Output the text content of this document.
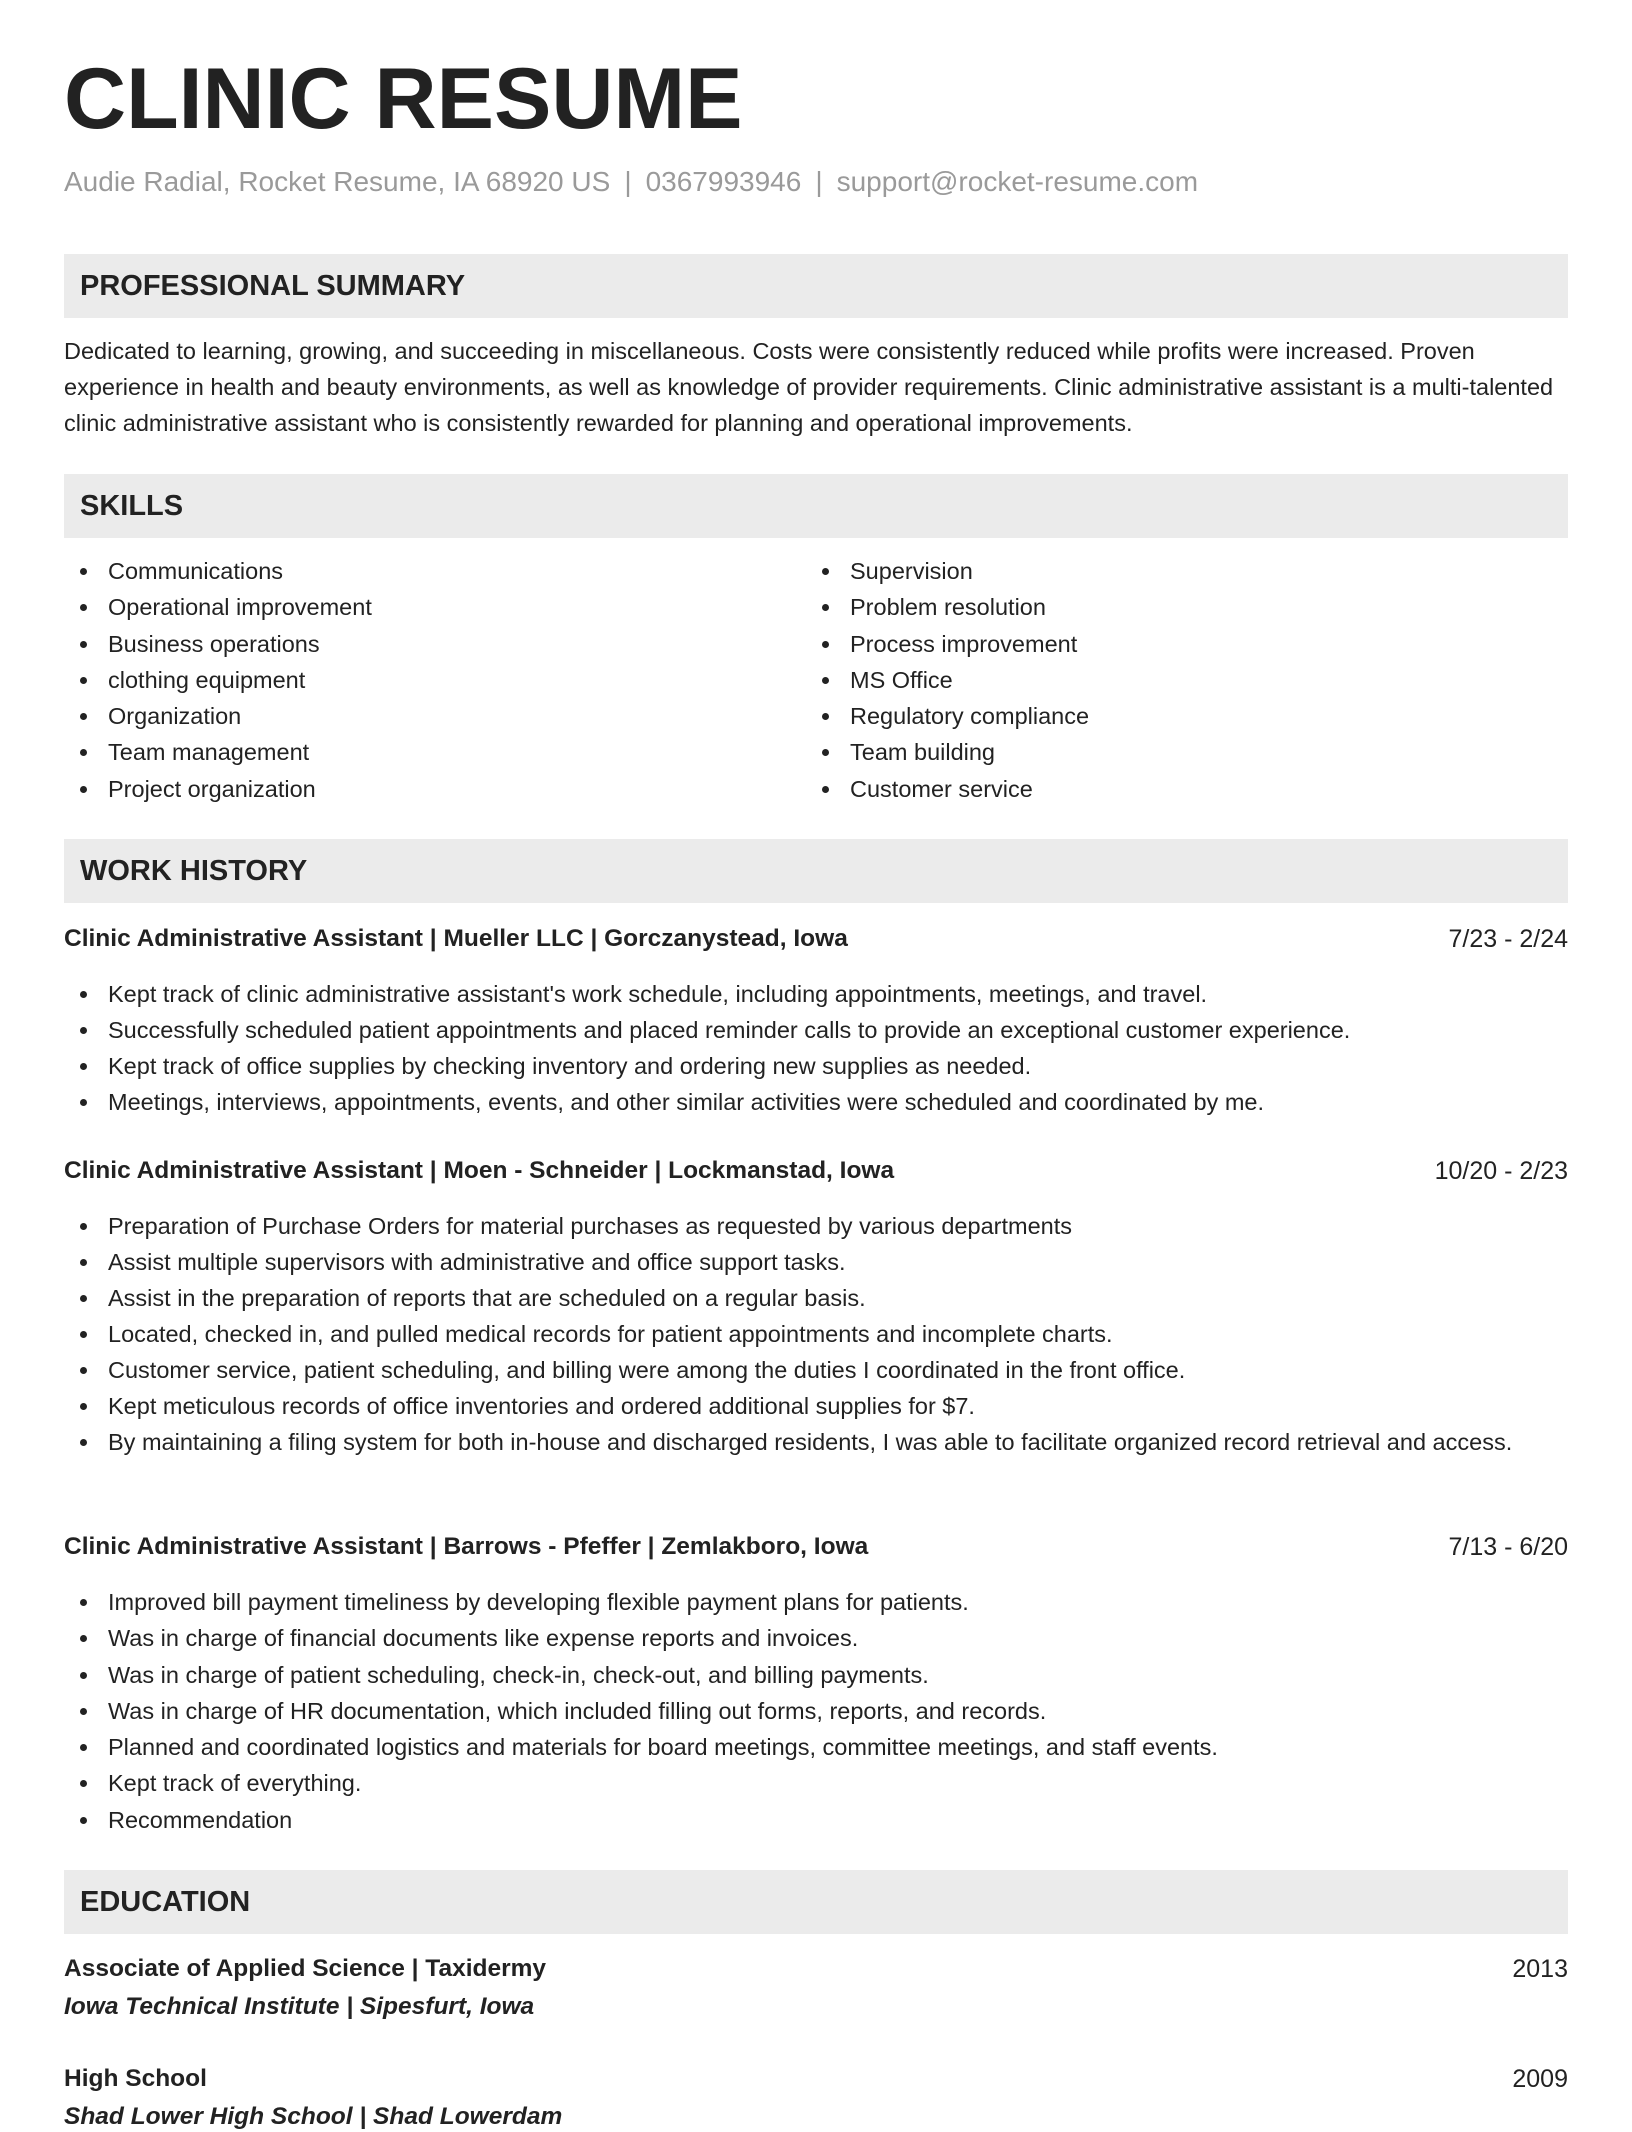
CLINIC RESUME
Audie Radial, Rocket Resume, IA 68920 US | 0367993946 | support@rocket-resume.com
PROFESSIONAL SUMMARY
Dedicated to learning, growing, and succeeding in miscellaneous. Costs were consistently reduced while profits were increased. Proven experience in health and beauty environments, as well as knowledge of provider requirements. Clinic administrative assistant is a multi-talented clinic administrative assistant who is consistently rewarded for planning and operational improvements.
SKILLS
Communications
Operational improvement
Business operations
clothing equipment
Organization
Team management
Project organization
Supervision
Problem resolution
Process improvement
MS Office
Regulatory compliance
Team building
Customer service
WORK HISTORY
Clinic Administrative Assistant | Mueller LLC | Gorczanystead, Iowa	7/23 - 2/24
Kept track of clinic administrative assistant's work schedule, including appointments, meetings, and travel.
Successfully scheduled patient appointments and placed reminder calls to provide an exceptional customer experience.
Kept track of office supplies by checking inventory and ordering new supplies as needed.
Meetings, interviews, appointments, events, and other similar activities were scheduled and coordinated by me.
Clinic Administrative Assistant | Moen - Schneider | Lockmanstad, Iowa	10/20 - 2/23
Preparation of Purchase Orders for material purchases as requested by various departments
Assist multiple supervisors with administrative and office support tasks.
Assist in the preparation of reports that are scheduled on a regular basis.
Located, checked in, and pulled medical records for patient appointments and incomplete charts.
Customer service, patient scheduling, and billing were among the duties I coordinated in the front office.
Kept meticulous records of office inventories and ordered additional supplies for $7.
By maintaining a filing system for both in-house and discharged residents, I was able to facilitate organized record retrieval and access.
Clinic Administrative Assistant | Barrows - Pfeffer | Zemlakboro, Iowa	7/13 - 6/20
Improved bill payment timeliness by developing flexible payment plans for patients.
Was in charge of financial documents like expense reports and invoices.
Was in charge of patient scheduling, check-in, check-out, and billing payments.
Was in charge of HR documentation, which included filling out forms, reports, and records.
Planned and coordinated logistics and materials for board meetings, committee meetings, and staff events.
Kept track of everything.
Recommendation
EDUCATION
Associate of Applied Science | Taxidermy	2013
Iowa Technical Institute | Sipesfurt, Iowa
High School	2009
Shad Lower High School | Shad Lowerdam
